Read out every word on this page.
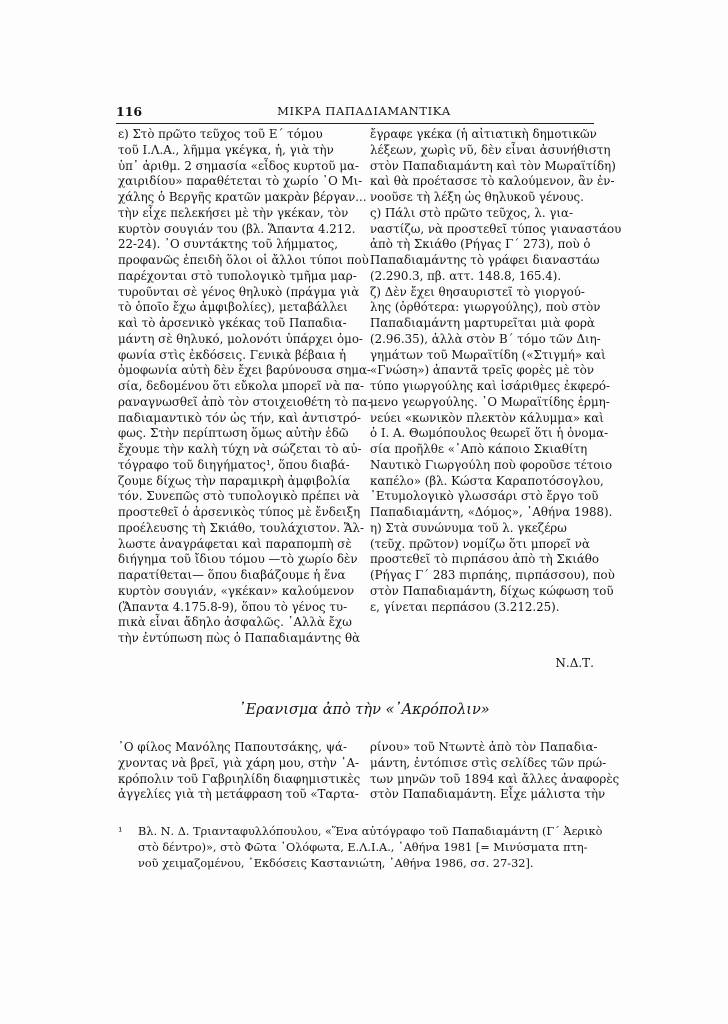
116	ΜΙΚΡΑ ΠΑΠΑΔΙΑΜΑΝΤΙΚΑ
ε) Στὸ πρῶτο τεῦχος τοῦ Ε΄ τόμου
τοῦ Ι.Λ.Α., λῆμμα γκέγκα, ἡ, γιὰ τὴν
ὑπ᾽ ἀριθμ. 2 σημασία «εἶδος κυρτοῦ μα-
χαιριδίου» παραθέτεται τὸ χωρίο ᾿Ο Μι-
χάλης ὁ Βεργῆς κρατῶν μακρὰν βέργαν...
τὴν εἶχε πελεκήσει μὲ τὴν γκέκαν, τὸν
κυρτὸν σουγιάν του (βλ. Ἅπαντα 4.212.
22-24). ᾿Ο συντάκτης τοῦ λήμματος,
προφανῶς ἐπειδὴ ὅλοι οἱ ἄλλοι τύποι ποὺ
παρέχονται στὸ τυπολογικὸ τμῆμα μαρ-
τυροῦνται σὲ γένος θηλυκὸ (πράγμα γιὰ
τὸ ὁποῖο ἔχω ἀμφιβολίες), μεταβάλλει
καὶ τὸ ἀρσενικὸ γκέκας τοῦ Παπαδια-
μάντη σὲ θηλυκό, μολονότι ὑπάρχει ὁμο-
φωνία στὶς ἐκδόσεις. Γενικὰ βέβαια ἡ
ὁμοφωνία αὐτὴ δὲν ἔχει βαρύνουσα σημα-
σία, δεδομένου ὅτι εὔκολα μπορεῖ νὰ πα-
ραναγνωσθεῖ ἀπὸ τὸν στοιχειοθέτη τὸ πα-
παδιαμαντικὸ τόν ὡς τήν, καὶ ἀντιστρό-
φως. Στὴν περίπτωση ὅμως αὐτὴν ἐδῶ
ἔχουμε τὴν καλὴ τύχη νὰ σώζεται τὸ αὐ-
τόγραφο τοῦ διηγήματος¹, ὅπου διαβά-
ζουμε δίχως τὴν παραμικρὴ ἀμφιβολία
τόν. Συνεπῶς στὸ τυπολογικὸ πρέπει νὰ
προστεθεῖ ὁ ἀρσενικὸς τύπος μὲ ἔνδειξη
προέλευσης τὴ Σκιάθο, τουλάχιστον. Ἄλ-
λωστε ἀναγράφεται καὶ παραπομπὴ σὲ
διήγημα τοῦ ἴδιου τόμου —τὸ χωρίο δὲν
παρατίθεται— ὅπου διαβάζουμε ἡ ἕνα
κυρτὸν σουγιάν, «γκέκαν» καλούμενον
(Ἅπαντα 4.175.8-9), ὅπου τὸ γένος τυ-
πικὰ εἶναι ἄδηλο ἀσφαλῶς. ᾿Αλλὰ ἔχω
τὴν ἐντύπωση πὼς ὁ Παπαδιαμάντης θὰ
ἔγραφε γκέκα (ἡ αἰτιατικὴ δημοτικῶν
λέξεων, χωρὶς νῦ, δὲν εἶναι ἀσυνήθιστη
στὸν Παπαδιαμάντη καὶ τὸν Μωραϊτίδη)
καὶ θὰ προέτασσε τὸ καλούμενον, ἂν ἐν-
νοοῦσε τὴ λέξη ὡς θηλυκοῦ γένους.
ς) Πάλι στὸ πρῶτο τεῦχος, λ. για-
ναστίζω, νὰ προστεθεῖ τύπος γιαναστάου
ἀπὸ τὴ Σκιάθο (Ρήγας Γ΄ 273), ποὺ ὁ
Παπαδιαμάντης τὸ γράφει διαναστάω
(2.290.3, πβ. αττ. 148.8, 165.4).
ζ) Δὲν ἔχει θησαυριστεῖ τὸ γιοργού-
λης (ὀρθότερα: γιωργούλης), ποὺ στὸν
Παπαδιαμάντη μαρτυρεῖται μιὰ φορὰ
(2.96.35), ἀλλὰ στὸν Β΄ τόμο τῶν Διη-
γημάτων τοῦ Μωραϊτίδη («Στιγμή» καὶ
«Γνώση») ἀπαντᾶ τρεῖς φορὲς μὲ τὸν
τύπο γιωργούλης καὶ ἰσάριθμες ἐκφερό-
μενο γεωργούλης. ᾿Ο Μωραϊτίδης ἑρμη-
νεύει «κωνικὸν πλεκτὸν κάλυμμα» καὶ
ὁ Ι. Α. Θωμόπουλος θεωρεῖ ὅτι ἡ ὀνομα-
σία προῆλθε «᾿Απὸ κάποιο Σκιαθίτη
Ναυτικὸ Γιωργούλη ποὺ φοροῦσε τέτοιο
καπέλο» (βλ. Κώστα Καραποτόσογλου,
᾿Ετυμολογικὸ γλωσσάρι στὸ ἔργο τοῦ
Παπαδιαμάντη, «Δόμος», ᾿Αθήνα 1988).
η) Στὰ συνώνυμα τοῦ λ. γκεζέρω
(τεῦχ. πρῶτον) νομίζω ὅτι μπορεῖ νὰ
προστεθεῖ τὸ πιρπάσου ἀπὸ τὴ Σκιάθο
(Ρήγας Γ΄ 283 πιρπάης, πιρπάσσου), ποὺ
στὸν Παπαδιαμάντη, δίχως κώφωση τοῦ
ε, γίνεται περπάσου (3.212.25).
Ν.Δ.Τ.
᾿Ερανισμα ἀπὸ τὴν «᾿Ακρόπολιν»
᾿Ο φίλος Μανόλης Παπουτσάκης, ψά-
χνοντας νὰ βρεῖ, γιὰ χάρη μου, στὴν ᾿Α-
κρόπολιν τοῦ Γαβριηλίδη διαφημιστικὲς
ἀγγελίες γιὰ τὴ μετάφραση τοῦ «Ταρτα-
ρίνου» τοῦ Ντωντὲ ἀπὸ τὸν Παπαδια-
μάντη, ἐντόπισε στὶς σελίδες τῶν πρώ-
των μηνῶν τοῦ 1894 καὶ ἄλλες ἀναφορὲς
στὸν Παπαδιαμάντη. Εἶχε μάλιστα τὴν
¹	Βλ. Ν. Δ. Τριανταφυλλόπουλου, «Ἕνα αὐτόγραφο τοῦ Παπαδιαμάντη (Γ΄ Ἀερικὸ
στὸ δέντρο)», στὸ Φῶτα ᾿Ολόφωτα, Ε.Λ.Ι.Α., ᾿Αθήνα 1981 [= Μινύσματα πτη-
νοῦ χειμαζομένου, ᾿Εκδόσεις Καστανιώτη, ᾿Αθήνα 1986, σσ. 27-32].
